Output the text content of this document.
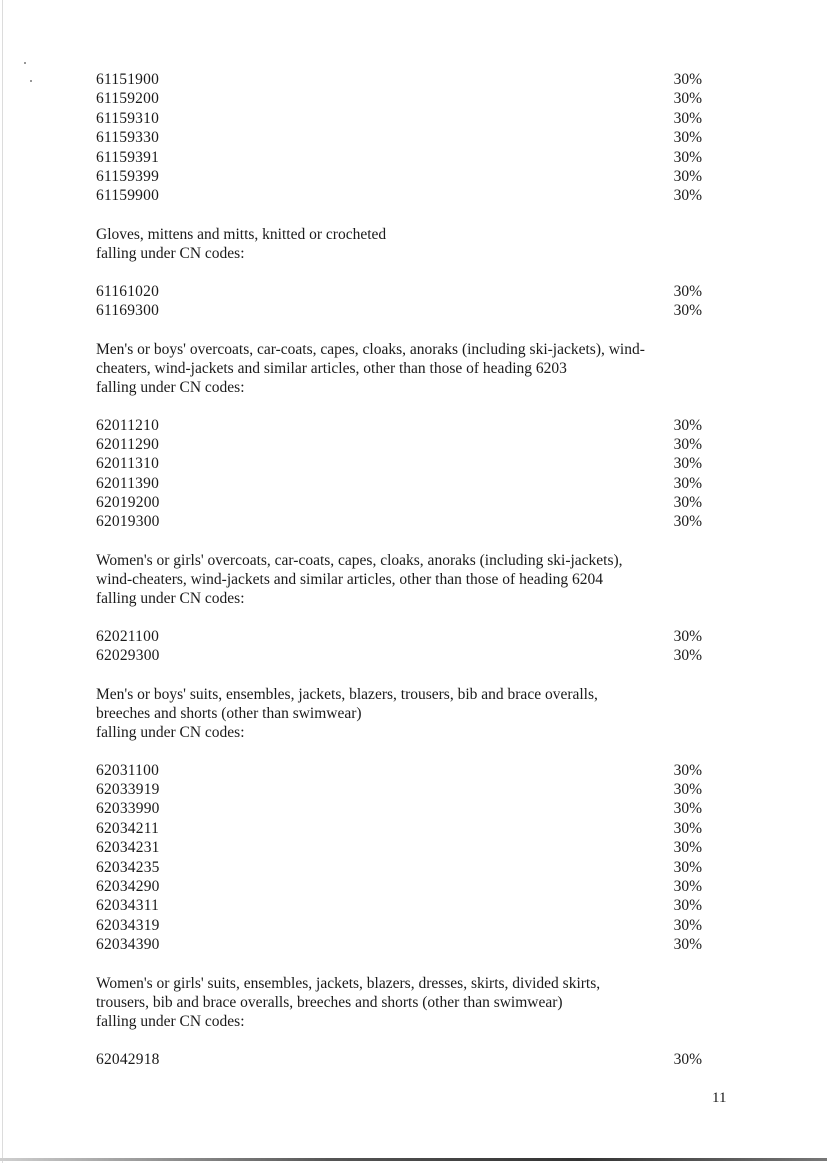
61151900	30%
61159200	30%
61159310	30%
61159330	30%
61159391	30%
61159399	30%
61159900	30%
Gloves, mittens and mitts, knitted or crocheted
falling under CN codes:
61161020	30%
61169300	30%
Men's or boys' overcoats, car-coats, capes, cloaks, anoraks (including ski-jackets), wind-
cheaters, wind-jackets and similar articles, other than those of heading 6203
falling under CN codes:
62011210	30%
62011290	30%
62011310	30%
62011390	30%
62019200	30%
62019300	30%
Women's or girls' overcoats, car-coats, capes, cloaks, anoraks (including ski-jackets),
wind-cheaters, wind-jackets and similar articles, other than those of heading 6204
falling under CN codes:
62021100	30%
62029300	30%
Men's or boys' suits, ensembles, jackets, blazers, trousers, bib and brace overalls,
breeches and shorts (other than swimwear)
falling under CN codes:
62031100	30%
62033919	30%
62033990	30%
62034211	30%
62034231	30%
62034235	30%
62034290	30%
62034311	30%
62034319	30%
62034390	30%
Women's or girls' suits, ensembles, jackets, blazers, dresses, skirts, divided skirts,
trousers, bib and brace overalls, breeches and shorts (other than swimwear)
falling under CN codes:
62042918	30%
11
